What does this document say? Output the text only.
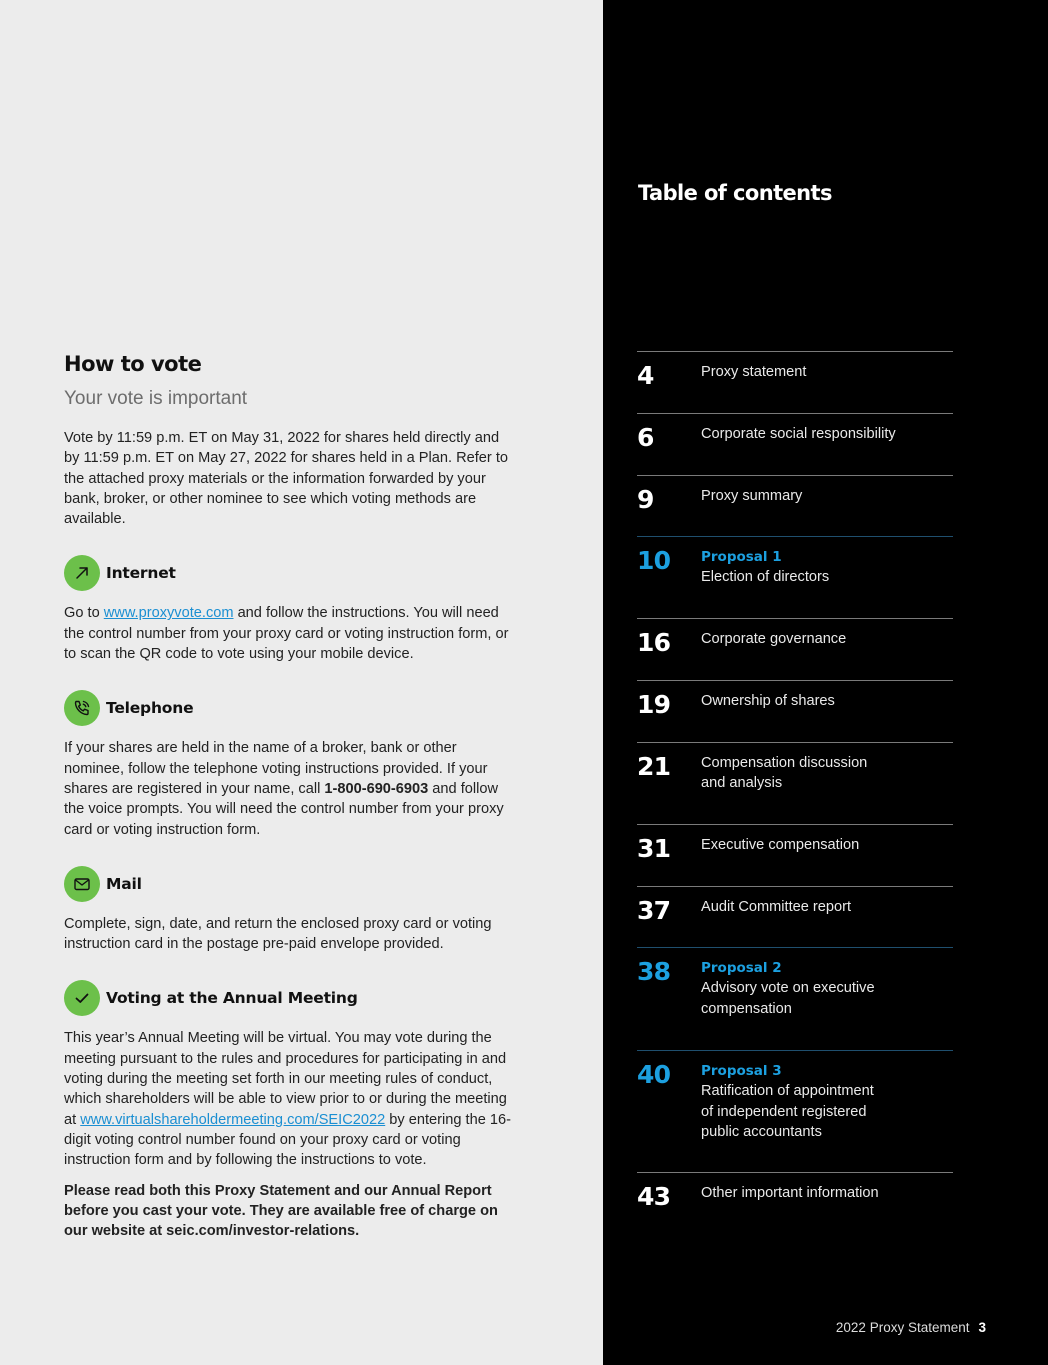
How to vote
Your vote is important

Vote by 11:59 p.m. ET on May 31, 2022 for shares held directly and by 11:59 p.m. ET on May 27, 2022 for shares held in a Plan. Refer to the attached proxy materials or the information forwarded by your bank, broker, or other nominee to see which voting methods are available.

Internet

Go to www.proxyvote.com and follow the instructions. You will need the control number from your proxy card or voting instruction form, or to scan the QR code to vote using your mobile device.

Telephone

If your shares are held in the name of a broker, bank or other nominee, follow the telephone voting instructions provided. If your shares are registered in your name, call 1-800-690-6903 and follow the voice prompts. You will need the control number from your proxy card or voting instruction form.

Mail

Complete, sign, date, and return the enclosed proxy card or voting instruction card in the postage pre-paid envelope provided.

Voting at the Annual Meeting

This year’s Annual Meeting will be virtual. You may vote during the meeting pursuant to the rules and procedures for participating in and voting during the meeting set forth in our meeting rules of conduct, which shareholders will be able to view prior to or during the meeting at www.virtualshareholdermeeting.com/SEIC2022 by entering the 16-digit voting control number found on your proxy card or voting instruction form and by following the instructions to vote.

Please read both this Proxy Statement and our Annual Report before you cast your vote. They are available free of charge on our website at seic.com/investor-relations.

Table of contents
4	Proxy statement
6	Corporate social responsibility
9	Proxy summary
10 Proposal 1
Election of directors
16 Corporate governance
19 Ownership of shares
21 Compensation discussion
and analysis
31 Executive compensation
37 Audit Committee report
38 Proposal 2
Advisory vote on executive
compensation
40 Proposal 3
Ratification of appointment
of independent registered
public accountants
43 Other important information
2022 Proxy Statement 3
